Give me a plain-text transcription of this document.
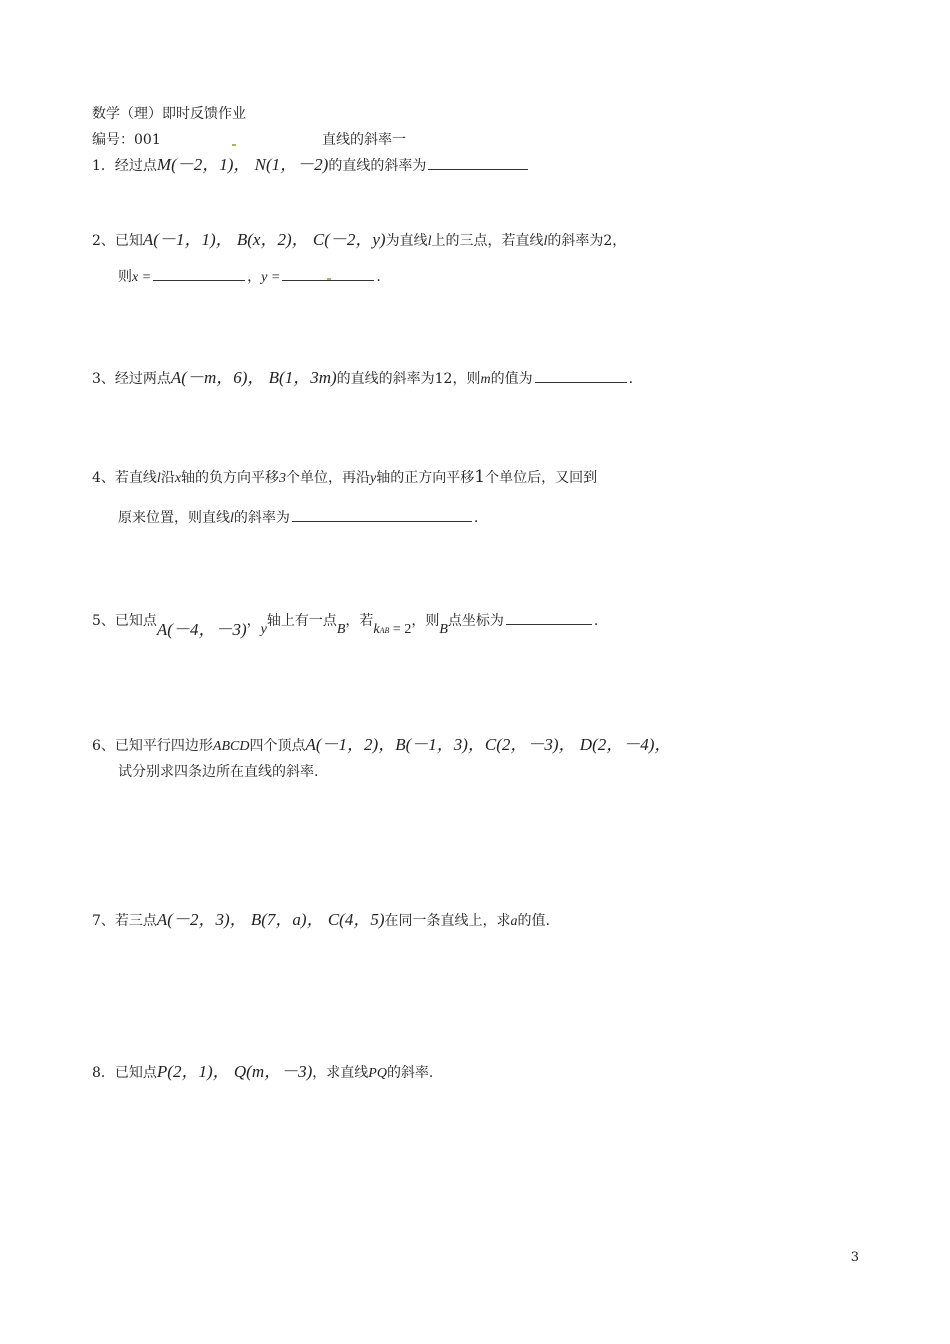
数学（理）即时反馈作业
编号：001	直线的斜率一
1．经过点M(－2，1)， N(1，－2)的直线的斜率为
2、已知A(－1，1)， B(x，2)， C(－2，y)为直线l上的三点，若直线l的斜率为2，
则x =	，y =	.
3、经过两点A(－m，6)， B(1，3m)的直线的斜率为12，则m的值为	.
4、若直线l沿x轴的负方向平移3个单位，再沿y轴的正方向平移1个单位后，又回到
原来位置，则直线l的斜率为	.
5、已知点A(－4，－3)，y轴上有一点B，若kAB = 2，则B点坐标为	.
6、已知平行四边形ABCD四个顶点A(－1，2)，B(－1，3)，C(2，－3)， D(2，－4)，
试分别求四条边所在直线的斜率.
7、若三点A(－2，3)， B(7，a)， C(4，5)在同一条直线上，求a的值.
8．已知点P(2，1)， Q(m，－3)，求直线PQ的斜率.
3
